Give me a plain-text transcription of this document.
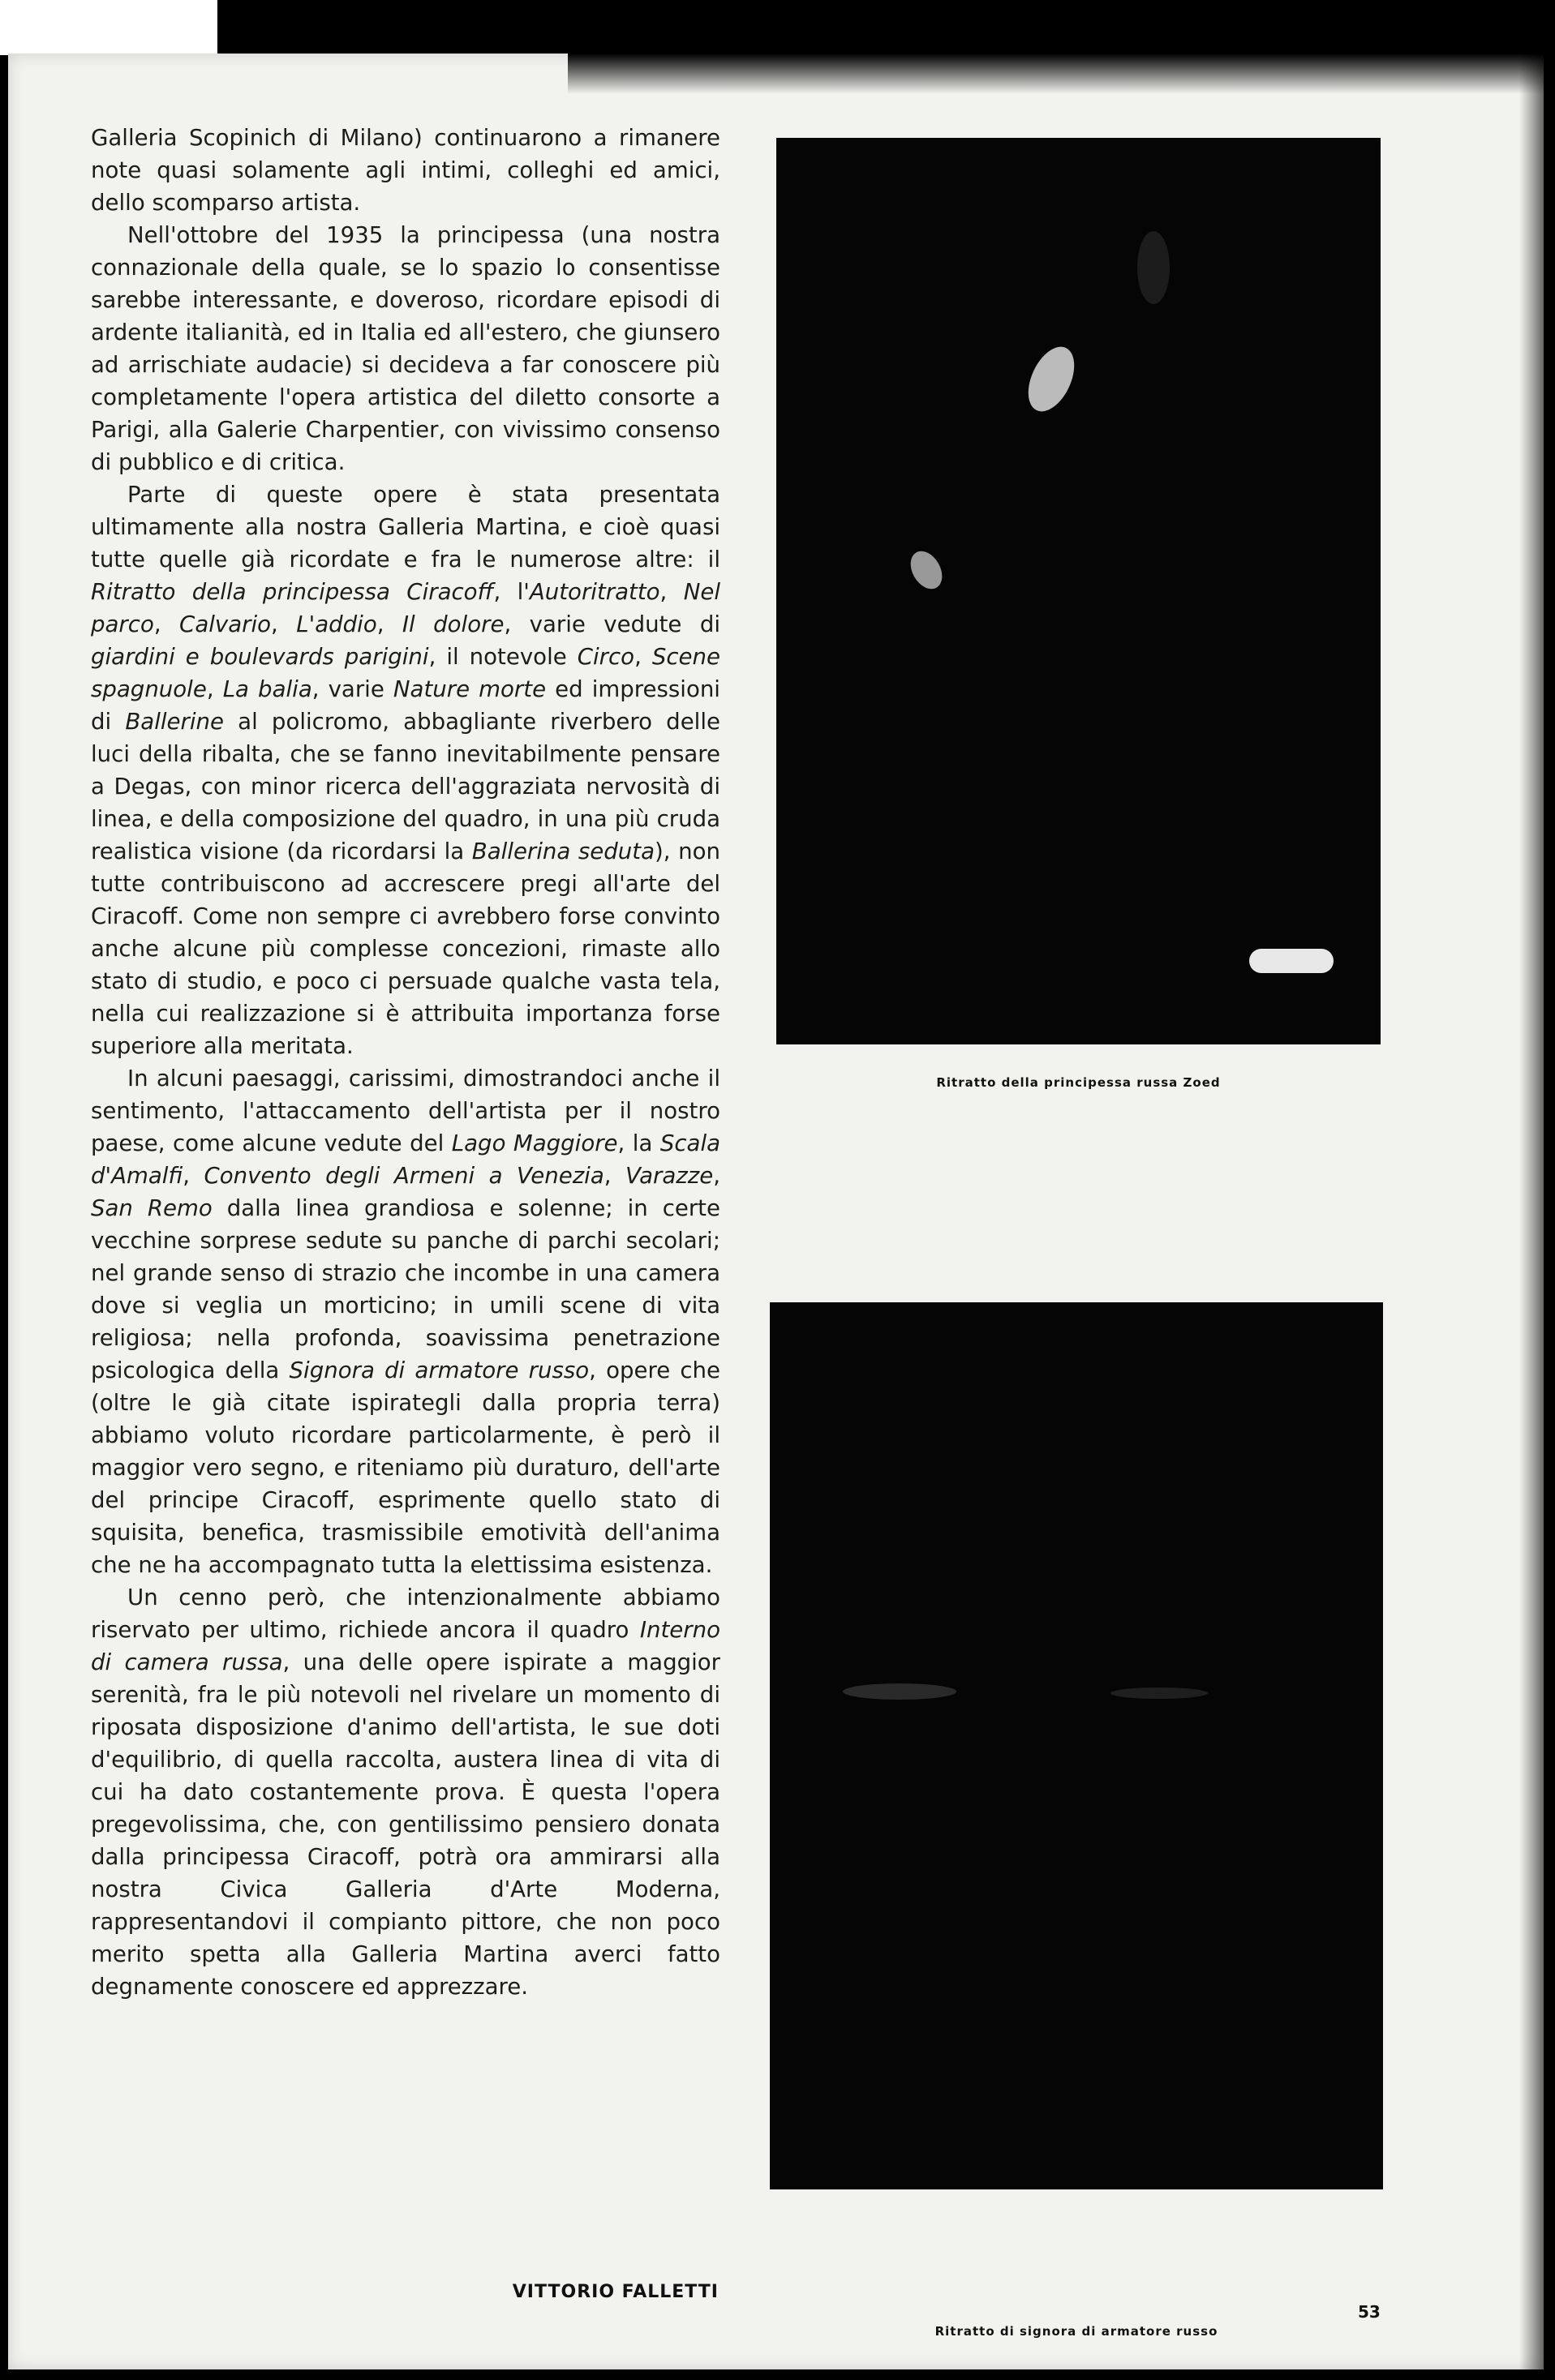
Galleria Scopinich di Milano) continuarono a rimanere note quasi solamente agli intimi, colleghi ed amici, dello scomparso artista.

Nell'ottobre del 1935 la principessa (una nostra connazionale della quale, se lo spazio lo consentisse sarebbe interessante, e doveroso, ricordare episodi di ardente italianità, ed in Italia ed all'estero, che giunsero ad arrischiate audacie) si decideva a far conoscere più completamente l'opera artistica del diletto consorte a Parigi, alla Galerie Charpentier, con vivissimo consenso di pubblico e di critica.

Parte di queste opere è stata presentata ultimamente alla nostra Galleria Martina, e cioè quasi tutte quelle già ricordate e fra le numerose altre: il Ritratto della principessa Ciracoff, l'Autoritratto, Nel parco, Calvario, L'addio, Il dolore, varie vedute di giardini e boulevards parigini, il notevole Circo, Scene spagnuole, La balia, varie Nature morte ed impressioni di Ballerine al policromo, abbagliante riverbero delle luci della ribalta, che se fanno inevitabilmente pensare a Degas, con minor ricerca dell'aggraziata nervosità di linea, e della composizione del quadro, in una più cruda realistica visione (da ricordarsi la Ballerina seduta), non tutte contribuiscono ad accrescere pregi all'arte del Ciracoff. Come non sempre ci avrebbero forse convinto anche alcune più complesse concezioni, rimaste allo stato di studio, e poco ci persuade qualche vasta tela, nella cui realizzazione si è attribuita importanza forse superiore alla meritata.

In alcuni paesaggi, carissimi, dimostrandoci anche il sentimento, l'attaccamento dell'artista per il nostro paese, come alcune vedute del Lago Maggiore, la Scala d'Amalfi, Convento degli Armeni a Venezia, Varazze, San Remo dalla linea grandiosa e solenne; in certe vecchine sorprese sedute su panche di parchi secolari; nel grande senso di strazio che incombe in una camera dove si veglia un morticino; in umili scene di vita religiosa; nella profonda, soavissima penetrazione psicologica della Signora di armatore russo, opere che (oltre le già citate ispirategli dalla propria terra) abbiamo voluto ricordare particolarmente, è però il maggior vero segno, e riteniamo più duraturo, dell'arte del principe Ciracoff, esprimente quello stato di squisita, benefica, trasmissibile emotività dell'anima che ne ha accompagnato tutta la elettissima esistenza.

Un cenno però, che intenzionalmente abbiamo riservato per ultimo, richiede ancora il quadro Interno di camera russa, una delle opere ispirate a maggior serenità, fra le più notevoli nel rivelare un momento di riposata disposizione d'animo dell'artista, le sue doti d'equilibrio, di quella raccolta, austera linea di vita di cui ha dato costantemente prova. È questa l'opera pregevolissima, che, con gentilissimo pensiero donata dalla principessa Ciracoff, potrà ora ammirarsi alla nostra Civica Galleria d'Arte Moderna, rappresentandovi il compianto pittore, che non poco merito spetta alla Galleria Martina averci fatto degnamente conoscere ed apprezzare.

VITTORIO FALLETTI
Ritratto della principessa russa Zoed
Ritratto di signora di armatore russo
53
